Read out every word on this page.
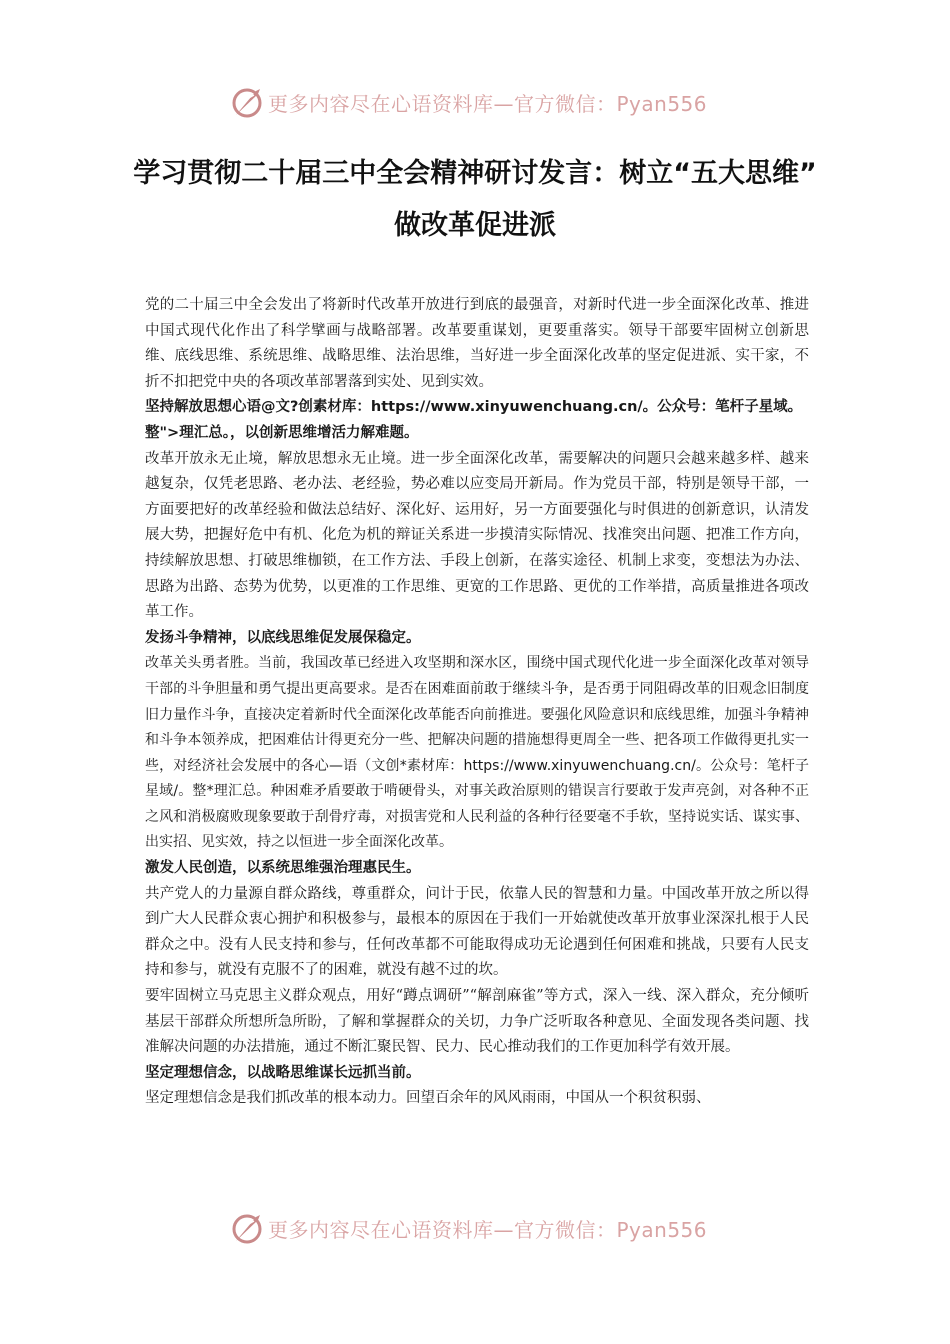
更多内容尽在心语资料库—官方微信：Pyan556
学习贯彻二十届三中全会精神研讨发言：树立“五大思维” 做改革促进派

党的二十届三中全会发出了将新时代改革开放进行到底的最强音，对新时代进一步全面深化改革、推进中国式现代化作出了科学擘画与战略部署。改革要重谋划，更要重落实。领导干部要牢固树立创新思维、底线思维、系统思维、战略思维、法治思维，当好进一步全面深化改革的坚定促进派、实干家，不折不扣把党中央的各项改革部署落到实处、见到实效。

坚持解放思想心语@文?创素材库：https://www.xinyuwenchuang.cn/。公众号：笔杆子星域。整">理汇总。，以创新思维增活力解难题。

改革开放永无止境，解放思想永无止境。进一步全面深化改革，需要解决的问题只会越来越多样、越来越复杂，仅凭老思路、老办法、老经验，势必难以应变局开新局。作为党员干部，特别是领导干部，一方面要把好的改革经验和做法总结好、深化好、运用好，另一方面要强化与时俱进的创新意识，认清发展大势，把握好危中有机、化危为机的辩证关系进一步摸清实际情况、找准突出问题、把准工作方向，持续解放思想、打破思维枷锁，在工作方法、手段上创新，在落实途径、机制上求变，变想法为办法、思路为出路、态势为优势，以更准的工作思维、更宽的工作思路、更优的工作举措，高质量推进各项改革工作。

发扬斗争精神，以底线思维促发展保稳定。

改革关头勇者胜。当前，我国改革已经进入攻坚期和深水区，围绕中国式现代化进一步全面深化改革对领导干部的斗争胆量和勇气提出更高要求。是否在困难面前敢于继续斗争，是否勇于同阻碍改革的旧观念旧制度旧力量作斗争，直接决定着新时代全面深化改革能否向前推进。要强化风险意识和底线思维，加强斗争精神和斗争本领养成，把困难估计得更充分一些、把解决问题的措施想得更周全一些、把各项工作做得更扎实一些，对经济社会发展中的各心—语（文创*素材库：https://www.xinyuwenchuang.cn/。公众号：笔杆子星域/。整*理汇总。种困难矛盾要敢于啃硬骨头，对事关政治原则的错误言行要敢于发声亮剑，对各种不正之风和消极腐败现象要敢于刮骨疗毒，对损害党和人民利益的各种行径要毫不手软，坚持说实话、谋实事、出实招、见实效，持之以恒进一步全面深化改革。

激发人民创造，以系统思维强治理惠民生。

共产党人的力量源自群众路线，尊重群众，问计于民，依靠人民的智慧和力量。中国改革开放之所以得到广大人民群众衷心拥护和积极参与，最根本的原因在于我们一开始就使改革开放事业深深扎根于人民群众之中。没有人民支持和参与，任何改革都不可能取得成功无论遇到任何困难和挑战，只要有人民支持和参与，就没有克服不了的困难，就没有越不过的坎。

要牢固树立马克思主义群众观点，用好“蹲点调研”“解剖麻雀”等方式，深入一线、深入群众，充分倾听基层干部群众所想所急所盼，了解和掌握群众的关切，力争广泛听取各种意见、全面发现各类问题、找准解决问题的办法措施，通过不断汇聚民智、民力、民心推动我们的工作更加科学有效开展。

坚定理想信念，以战略思维谋长远抓当前。

坚定理想信念是我们抓改革的根本动力。回望百余年的风风雨雨，中国从一个积贫积弱、

更多内容尽在心语资料库—官方微信：Pyan556
